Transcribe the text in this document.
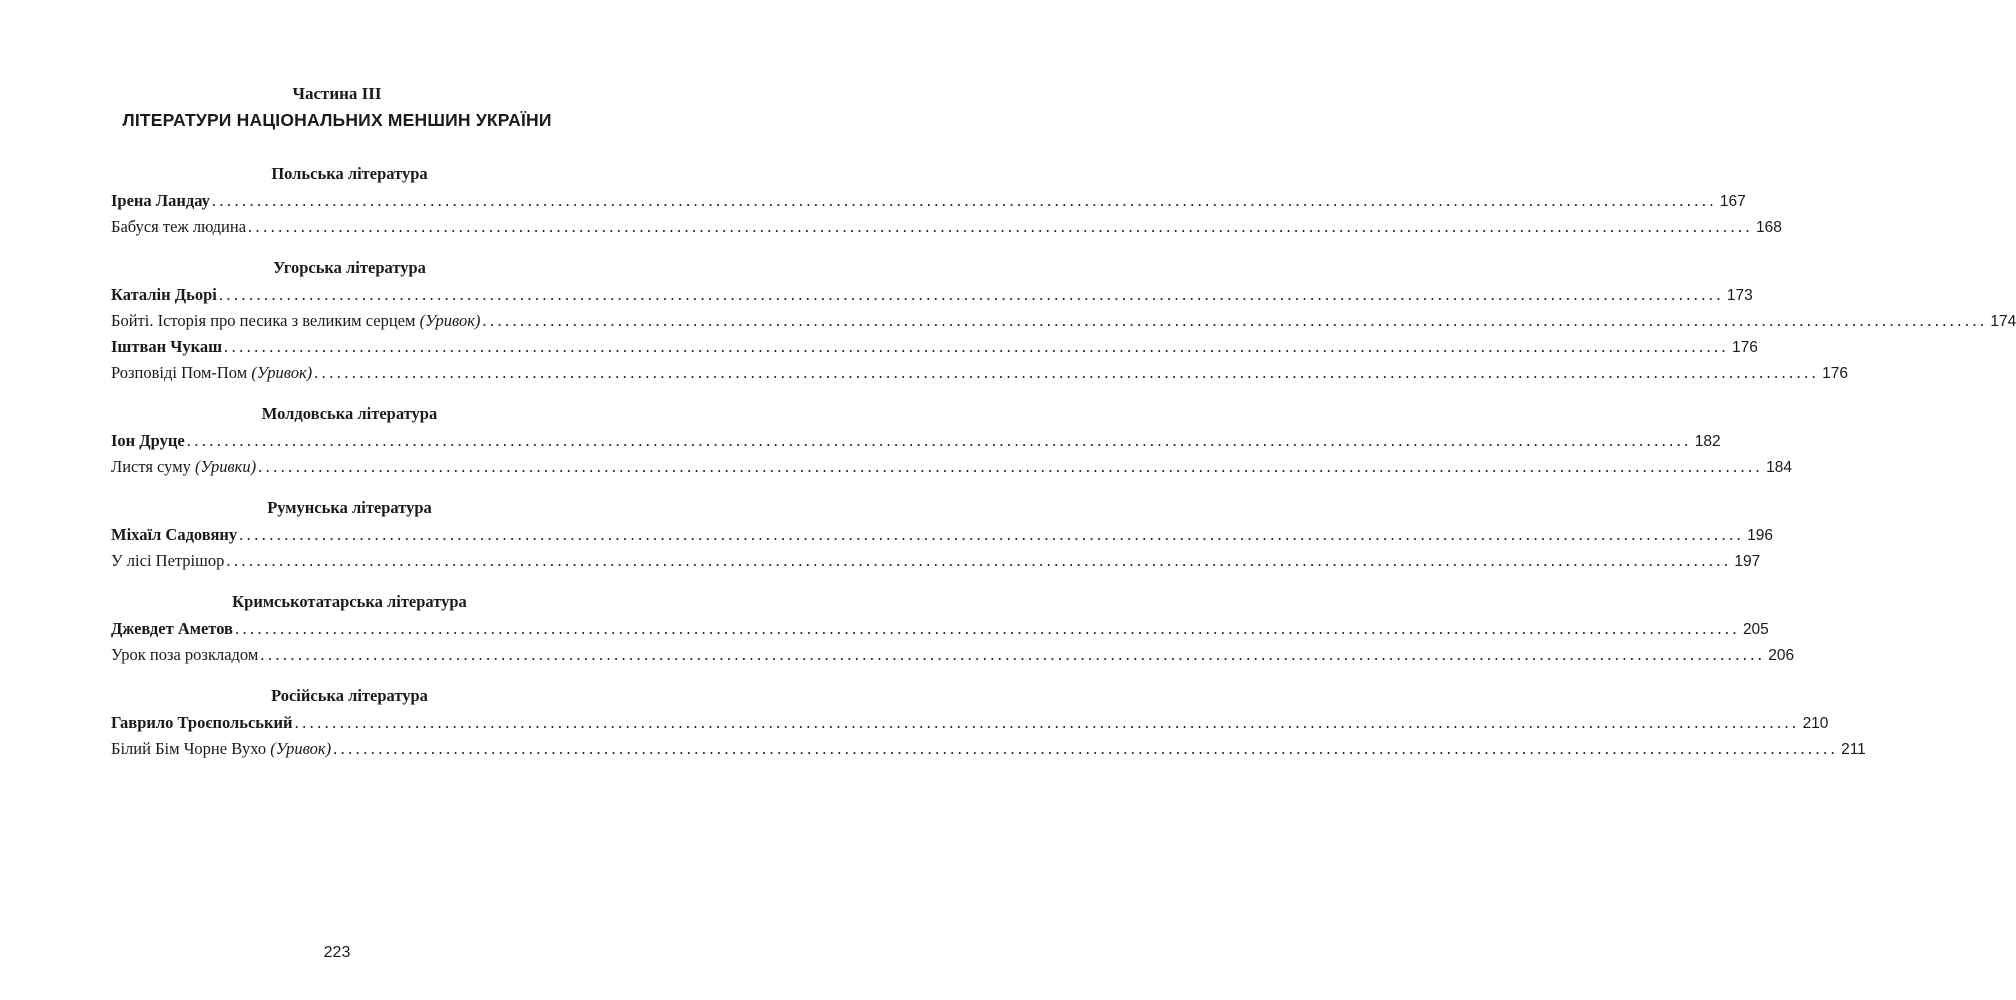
Частина ІІІ
ЛІТЕРАТУРИ НАЦІОНАЛЬНИХ МЕНШИН УКРАЇНИ
Польська література
Ірена Ландау ........................................................................................................................................................................................................ 167
Бабуся теж людина ........................................................................................................................................................................................................ 168
Угорська література
Каталін Дьорі ........................................................................................................................................................................................................ 173
Бойті. Історія про песика з великим серцем (Уривок) ........................................................................................................................................................................................................ 174
Іштван Чукаш ........................................................................................................................................................................................................ 176
Розповіді Пом-Пом (Уривок) ........................................................................................................................................................................................................ 176
Молдовська література
Іон Друце ........................................................................................................................................................................................................ 182
Листя суму (Уривки) ........................................................................................................................................................................................................ 184
Румунська література
Міхаїл Садовяну ........................................................................................................................................................................................................ 196
У лісі Петрішор ........................................................................................................................................................................................................ 197
Кримськотатарська література
Джевдет Аметов ........................................................................................................................................................................................................ 205
Урок поза розкладом ........................................................................................................................................................................................................ 206
Російська література
Гаврило Троєпольський ........................................................................................................................................................................................................ 210
Білий Бім Чорне Вухо (Уривок) ........................................................................................................................................................................................................ 211
223
